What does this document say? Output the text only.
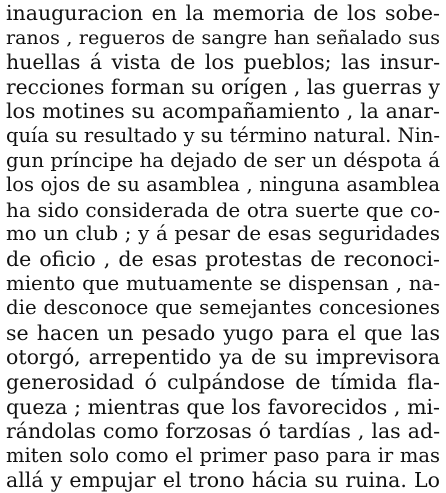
inauguracion en la memoria de los sobe-
ranos , regueros de sangre han señalado sus
huellas á vista de los pueblos; las insur-
recciones forman su orígen , las guerras y
los motines su acompañamiento , la anar-
quía su resultado y su término natural. Nin-
gun príncipe ha dejado de ser un déspota á
los ojos de su asamblea , ninguna asamblea
ha sido considerada de otra suerte que co-
mo un club ; y á pesar de esas seguridades
de oficio , de esas protestas de reconoci-
miento que mutuamente se dispensan , na-
die desconoce que semejantes concesiones
se hacen un pesado yugo para el que las
otorgó, arrepentido ya de su imprevisora
generosidad ó culpándose de tímida fla-
queza ; mientras que los favorecidos , mi-
rándolas como forzosas ó tardías , las ad-
miten solo como el primer paso para ir mas
allá y empujar el trono hácia su ruina. Lo
